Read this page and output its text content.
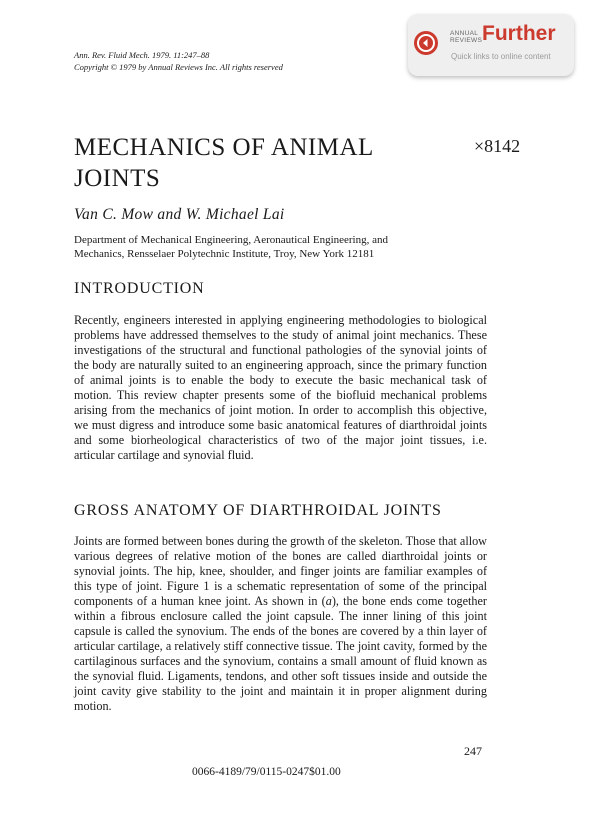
Ann. Rev. Fluid Mech. 1979. 11:247–88
Copyright © 1979 by Annual Reviews Inc. All rights reserved
ANNUAL
REVIEWS Further
Quick links to online content
MECHANICS OF ANIMAL
JOINTS
×8142
Van C. Mow and W. Michael Lai
Department of Mechanical Engineering, Aeronautical Engineering, and
Mechanics, Rensselaer Polytechnic Institute, Troy, New York 12181
INTRODUCTION
Recently, engineers interested in applying engineering methodologies to biological problems have addressed themselves to the study of animal joint mechanics. These investigations of the structural and functional pathologies of the synovial joints of the body are naturally suited to an engineering approach, since the primary function of animal joints is to enable the body to execute the basic mechanical task of motion. This review chapter presents some of the biofluid mechanical problems arising from the mechanics of joint motion. In order to accomplish this objective, we must digress and introduce some basic anatomical features of diarthroidal joints and some biorheological characteristics of two of the major joint tissues, i.e. articular cartilage and synovial fluid.
GROSS ANATOMY OF DIARTHROIDAL JOINTS
Joints are formed between bones during the growth of the skeleton. Those that allow various degrees of relative motion of the bones are called diarthroidal joints or synovial joints. The hip, knee, shoulder, and finger joints are familiar examples of this type of joint. Figure 1 is a schematic representation of some of the principal components of a human knee joint. As shown in (a), the bone ends come together within a fibrous enclosure called the joint capsule. The inner lining of this joint capsule is called the synovium. The ends of the bones are covered by a thin layer of articular cartilage, a relatively stiff connective tissue. The joint cavity, formed by the cartilaginous surfaces and the synovium, contains a small amount of fluid known as the synovial fluid. Ligaments, tendons, and other soft tissues inside and outside the joint cavity give stability to the joint and maintain it in proper alignment during motion.
247
0066-4189/79/0115-0247$01.00
